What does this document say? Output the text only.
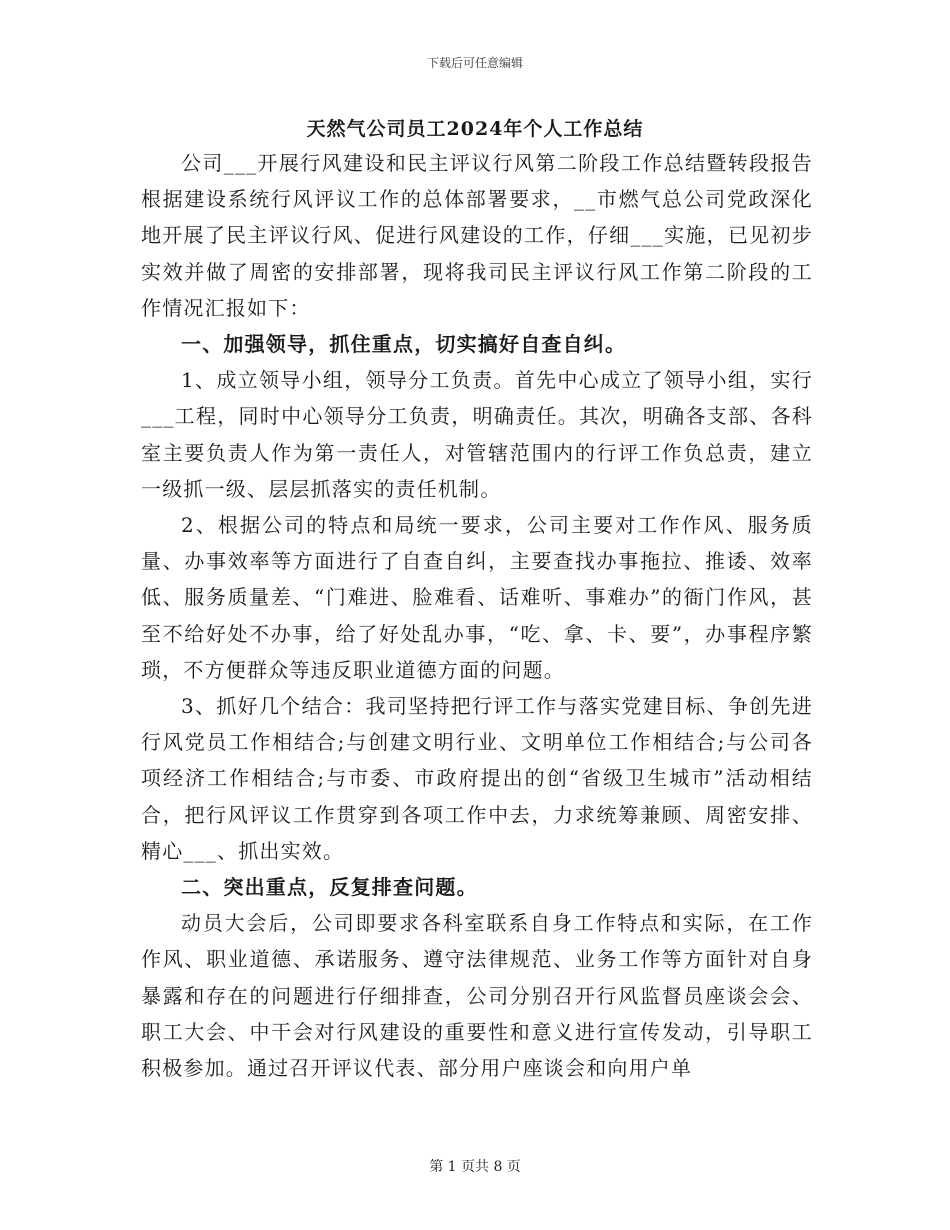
下载后可任意编辑
天然气公司员工2024年个人工作总结

公司___开展行风建设和民主评议行风第二阶段工作总结暨转段报告根据建设系统行风评议工作的总体部署要求，__市燃气总公司党政深化地开展了民主评议行风、促进行风建设的工作，仔细___实施，已见初步实效并做了周密的安排部署，现将我司民主评议行风工作第二阶段的工作情况汇报如下：

一、加强领导，抓住重点，切实搞好自查自纠。

1、成立领导小组，领导分工负责。首先中心成立了领导小组，实行___工程，同时中心领导分工负责，明确责任。其次，明确各支部、各科室主要负责人作为第一责任人，对管辖范围内的行评工作负总责，建立一级抓一级、层层抓落实的责任机制。

2、根据公司的特点和局统一要求，公司主要对工作作风、服务质量、办事效率等方面进行了自查自纠，主要查找办事拖拉、推诿、效率低、服务质量差、“门难进、脸难看、话难听、事难办”的衙门作风，甚至不给好处不办事，给了好处乱办事，“吃、拿、卡、要”，办事程序繁琐，不方便群众等违反职业道德方面的问题。

3、抓好几个结合：我司坚持把行评工作与落实党建目标、争创先进行风党员工作相结合;与创建文明行业、文明单位工作相结合;与公司各项经济工作相结合;与市委、市政府提出的创“省级卫生城市”活动相结合，把行风评议工作贯穿到各项工作中去，力求统筹兼顾、周密安排、精心___、抓出实效。

二、突出重点，反复排查问题。

动员大会后，公司即要求各科室联系自身工作特点和实际，在工作作风、职业道德、承诺服务、遵守法律规范、业务工作等方面针对自身暴露和存在的问题进行仔细排查，公司分别召开行风监督员座谈会会、职工大会、中干会对行风建设的重要性和意义进行宣传发动，引导职工积极参加。通过召开评议代表、部分用户座谈会和向用户单

第 1 页共 8 页
